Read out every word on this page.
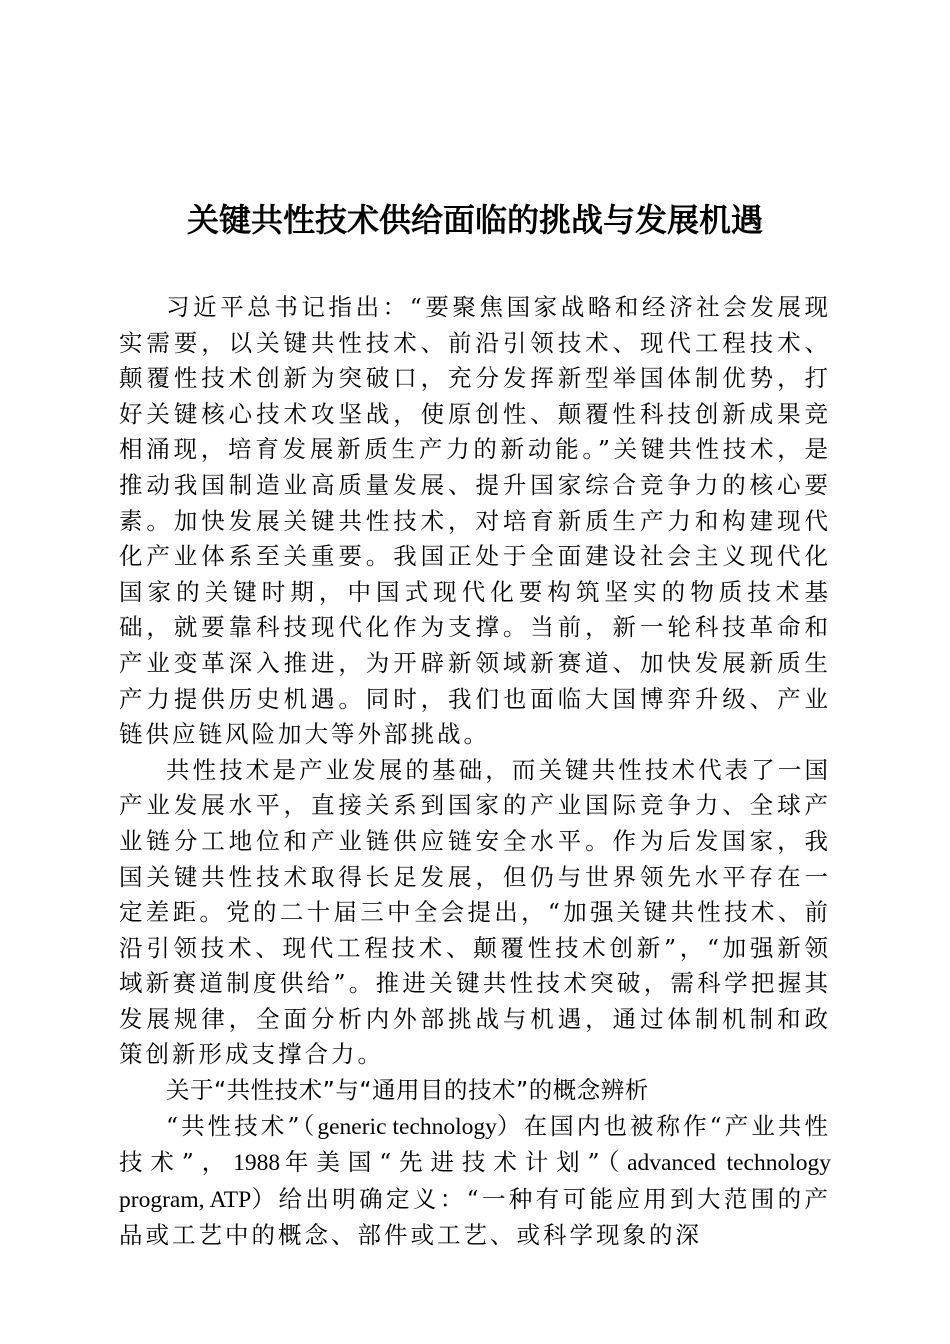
关键共性技术供给面临的挑战与发展机遇

习近平总书记指出：“要聚焦国家战略和经济社会发展现实需要，以关键共性技术、前沿引领技术、现代工程技术、颠覆性技术创新为突破口，充分发挥新型举国体制优势，打好关键核心技术攻坚战，使原创性、颠覆性科技创新成果竞相涌现，培育发展新质生产力的新动能。”关键共性技术，是推动我国制造业高质量发展、提升国家综合竞争力的核心要素。加快发展关键共性技术，对培育新质生产力和构建现代化产业体系至关重要。我国正处于全面建设社会主义现代化国家的关键时期，中国式现代化要构筑坚实的物质技术基础，就要靠科技现代化作为支撑。当前，新一轮科技革命和产业变革深入推进，为开辟新领域新赛道、加快发展新质生产力提供历史机遇。同时，我们也面临大国博弈升级、产业链供应链风险加大等外部挑战。

共性技术是产业发展的基础，而关键共性技术代表了一国产业发展水平，直接关系到国家的产业国际竞争力、全球产业链分工地位和产业链供应链安全水平。作为后发国家，我国关键共性技术取得长足发展，但仍与世界领先水平存在一定差距。党的二十届三中全会提出，“加强关键共性技术、前沿引领技术、现代工程技术、颠覆性技术创新”，“加强新领域新赛道制度供给”。推进关键共性技术突破，需科学把握其发展规律，全面分析内外部挑战与机遇，通过体制机制和政策创新形成支撑合力。

关于“共性技术”与“通用目的技术”的概念辨析

“共性技术”（generic technology）在国内也被称作“产业共性技术”，1988年美国“先进技术计划”（advanced technology program, ATP）给出明确定义：“一种有可能应用到大范围的产品或工艺中的概念、部件或工艺、或科学现象的深
